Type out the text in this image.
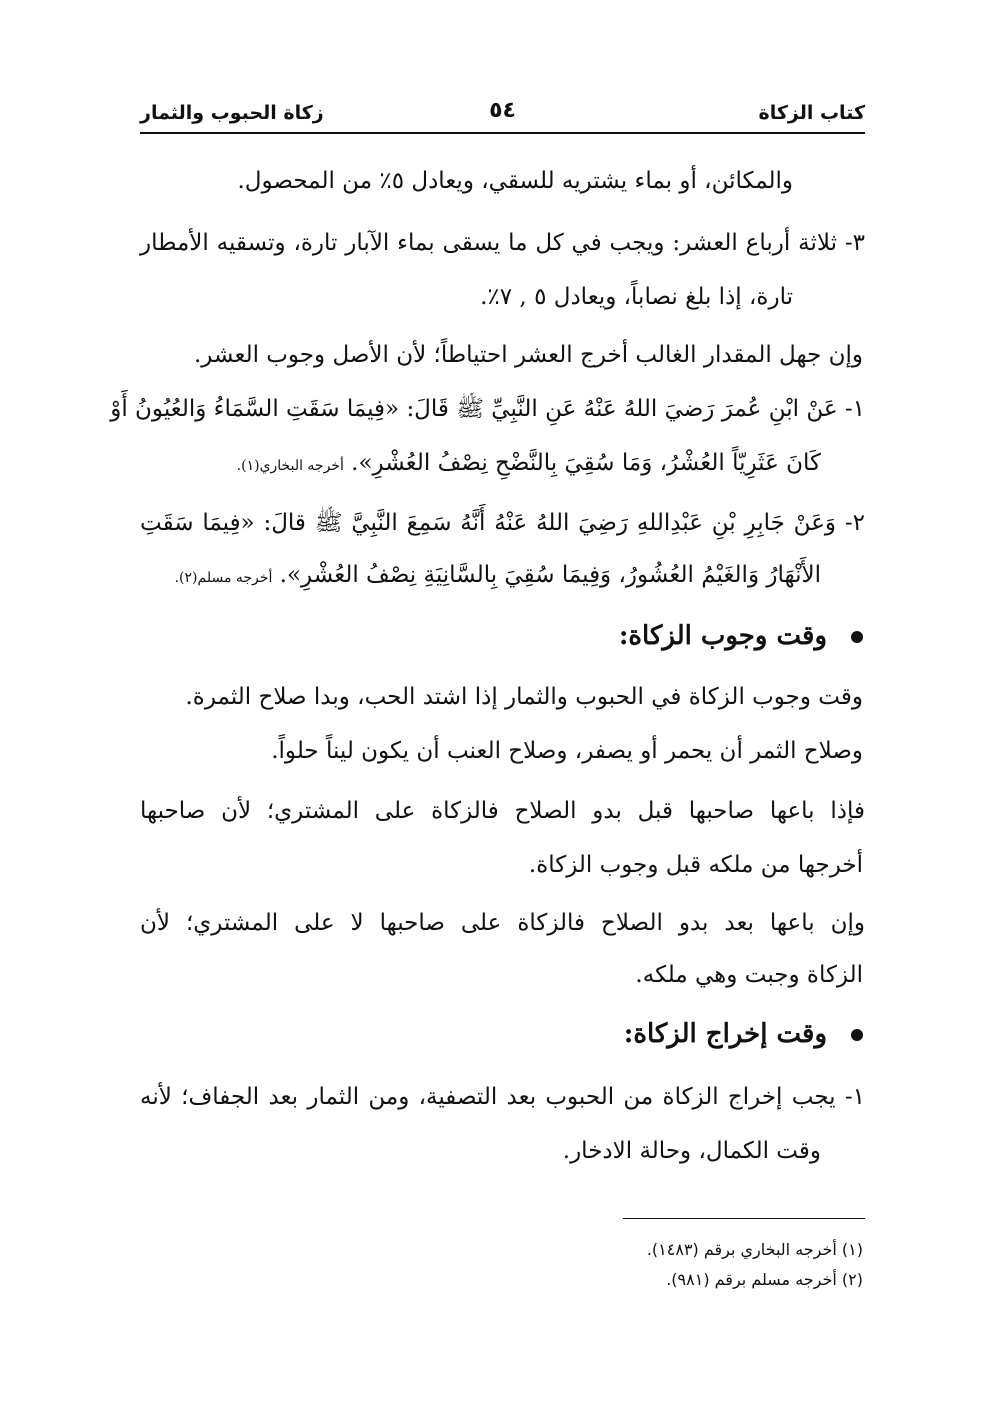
كتاب الزكاة
٥٤
زكاة الحبوب والثمار
والمكائن، أو بماء يشتريه للسقي، ويعادل ٥٪ من المحصول.
٣- ثلاثة أرباع العشر: ويجب في كل ما يسقى بماء الآبار تارة، وتسقيه الأمطار
تارة، إذا بلغ نصاباً، ويعادل ٥ , ٧٪.
وإن جهل المقدار الغالب أخرج العشر احتياطاً؛ لأن الأصل وجوب العشر.
١- عَنْ ابْنِ عُمرَ رَضيَ اللهُ عَنْهُ عَنِ النَّبِيِّ ﷺ قَالَ: «فِيمَا سَقَتِ السَّمَاءُ وَالعُيُونُ أَوْ
كَانَ عَثَرِيّاً العُشْرُ، وَمَا سُقِيَ بِالنَّضْحِ نِصْفُ العُشْرِ». أخرجه البخاري(١).
٢- وَعَنْ جَابِرِ بْنِ عَبْدِاللهِ رَضِيَ اللهُ عَنْهُ أَنَّهُ سَمِعَ النَّبِيَّ ﷺ قالَ: «فِيمَا سَقَتِ
الأَنْهَارُ وَالغَيْمُ العُشُورُ، وَفِيمَا سُقِيَ بِالسَّانِيَةِ نِصْفُ العُشْرِ». أخرجه مسلم(٢).
وقت وجوب الزكاة:
وقت وجوب الزكاة في الحبوب والثمار إذا اشتد الحب، وبدا صلاح الثمرة.
وصلاح الثمر أن يحمر أو يصفر، وصلاح العنب أن يكون ليناً حلواً.
فإذا باعها صاحبها قبل بدو الصلاح فالزكاة على المشتري؛ لأن صاحبها
أخرجها من ملكه قبل وجوب الزكاة.
وإن باعها بعد بدو الصلاح فالزكاة على صاحبها لا على المشتري؛ لأن
الزكاة وجبت وهي ملكه.
وقت إخراج الزكاة:
١- يجب إخراج الزكاة من الحبوب بعد التصفية، ومن الثمار بعد الجفاف؛ لأنه
وقت الكمال، وحالة الادخار.
(١) أخرجه البخاري برقم (١٤٨٣).
(٢) أخرجه مسلم برقم (٩٨١).
